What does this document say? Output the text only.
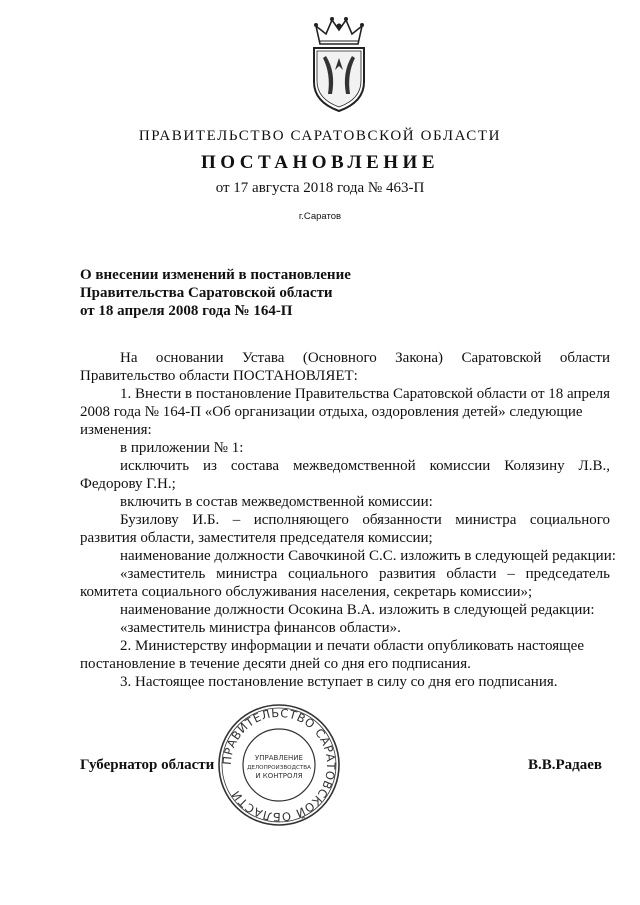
ПРАВИТЕЛЬСТВО САРАТОВСКОЙ ОБЛАСТИ
ПОСТАНОВЛЕНИЕ
от 17 августа 2018 года № 463-П
г.Саратов
О внесении изменений в постановление
Правительства Саратовской области
от 18 апреля 2008 года № 164-П
На основании Устава (Основного Закона) Саратовской области
Правительство области ПОСТАНОВЛЯЕТ:
1. Внести в постановление Правительства Саратовской области от 18 апреля
2008 года № 164-П «Об организации отдыха, оздоровления детей» следующие
изменения:
в приложении № 1:
исключить из состава межведомственной комиссии Колязину Л.В.,
Федорову Г.Н.;
включить в состав межведомственной комиссии:
Бузилову И.Б. – исполняющего обязанности министра социального
развития области, заместителя председателя комиссии;
наименование должности Савочкиной С.С. изложить в следующей редакции:
«заместитель министра социального развития области – председатель
комитета социального обслуживания населения, секретарь комиссии»;
наименование должности Осокина В.А. изложить в следующей редакции:
«заместитель министра финансов области».
2. Министерству информации и печати области опубликовать настоящее
постановление в течение десяти дней со дня его подписания.
3. Настоящее постановление вступает в силу со дня его подписания.
Губернатор области	В.В.Радаев
ПРАВИТЕЛЬСТВО САРАТОВСКОЙ ОБЛАСТИ
УПРАВЛЕНИЕ
ДЕЛОПРОИЗВОДСТВА
И КОНТРОЛЯ
